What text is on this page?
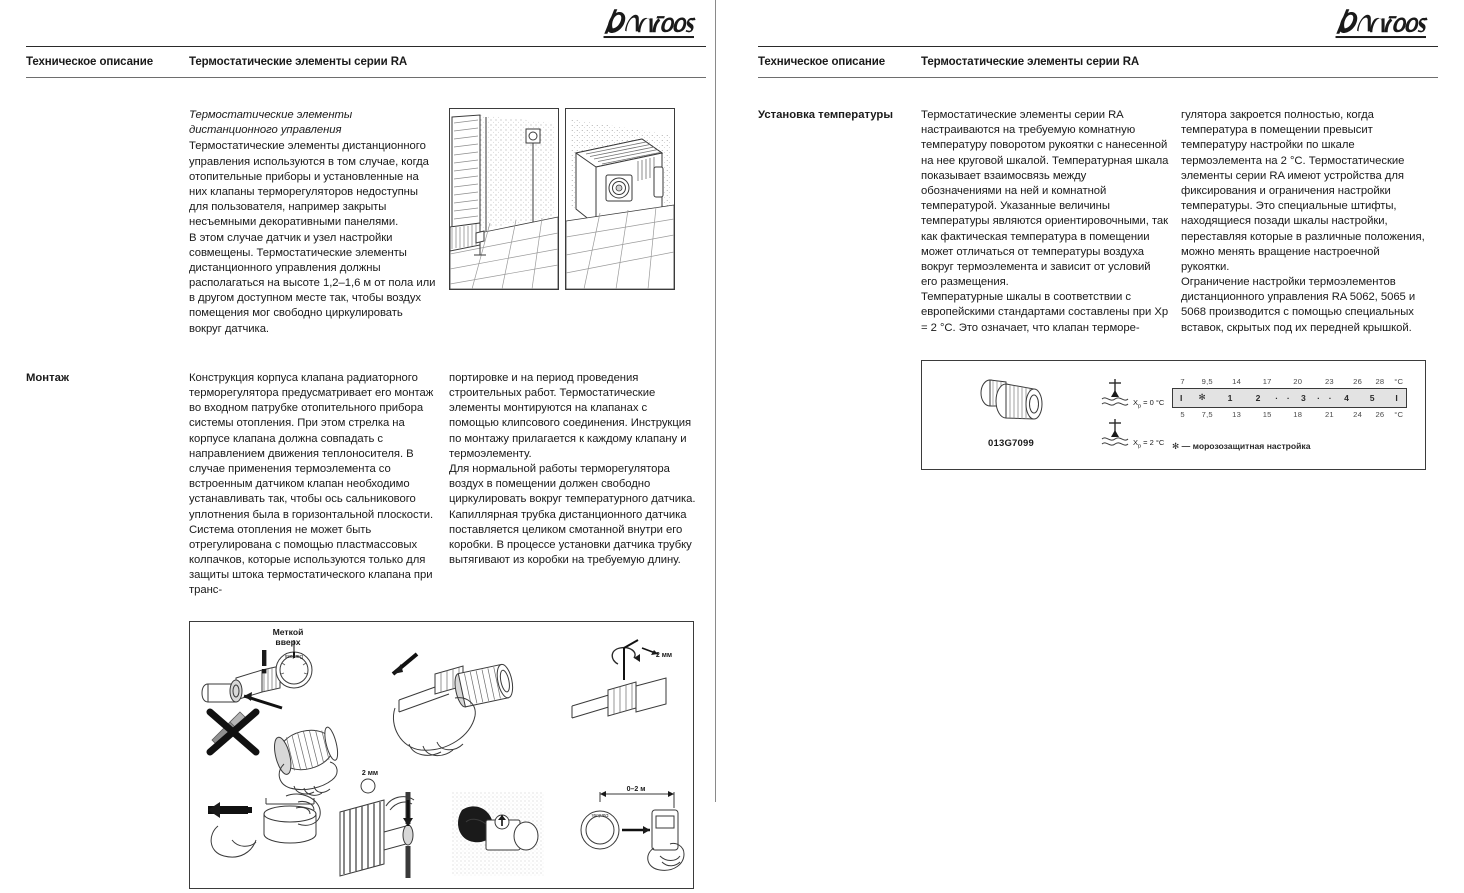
Техническое описание	Термостатические элементы серии RA

Термостатические элементы дистанционного управления

Термостатические элементы дистанционного управления используются в том случае, когда отопительные приборы и установленные на них клапаны терморегуляторов недоступны для пользователя, например закрыты несъемными декоративными панелями.

В этом случае датчик и узел настройки совмещены. Термостатические элементы дистанционного управления должны располагаться на высоте 1,2–1,6 м от пола или в другом доступном месте так, чтобы воздух помещения мог свободно циркулировать вокруг датчика.

Монтаж	Конструкция корпуса клапана радиаторного терморегулятора предусматривает его монтаж во входном патрубке отопительного прибора системы отопления. При этом стрелка на корпусе клапана должна совпадать с направлением движения теплоносителя. В случае применения термоэлемента со встроенным датчиком клапан необходимо устанавливать так, чтобы ось сальникового уплотнения была в горизонтальной плоскости.

Система отопления не может быть отрегулирована с помощью пластмассовых колпачков, которые используются только для защиты штока термостатического клапана при транс-

портировке и на период проведения строительных работ. Термостатические элементы монтируются на клапанах с помощью клипсового соединения. Инструкция по монтажу прилагается к каждому клапану и термоэлементу.

Для нормальной работы терморегулятора воздух в помещении должен свободно циркулировать вокруг температурного датчика.

Капиллярная трубка дистанционного датчика поставляется целиком смотанной внутри его коробки. В процессе установки датчика трубку вытягивают из коробки на требуемую длину.

Danfoss
Danfoss
Меткой
вверх
2 мм
2 мм
0–2 м
Техническое описание	Термостатические элементы серии RA
Установка температуры	Термостатические элементы серии RA настраиваются на требуемую комнатную температуру поворотом рукоятки с нанесенной на нее круговой шкалой. Температурная шкала показывает взаимосвязь между обозначениями на ней и комнатной температурой. Указанные величины температуры являются ориентировочными, так как фактическая температура в помещении может отличаться от температуры воздуха вокруг термоэлемента и зависит от условий его размещения.

Температурные шкалы в соответствии с европейскими стандартами составлены при Xp = 2 °C. Это означает, что клапан терморе-

гулятора закроется полностью, когда температура в помещении превысит температуру настройки по шкале термоэлемента на 2 °C. Термостатические элементы серии RA имеют устройства для фиксирования и ограничения настройки температуры. Это специальные штифты, находящиеся позади шкалы настройки, переставляя которые в различные положения, можно менять вращение настроечной рукоятки.

Ограничение настройки термоэлементов дистанционного управления RA 5062, 5065 и 5068 производится с помощью специальных вставок, скрытых под их передней крышкой.

013G7099
$X_p = 0$ °C
$X_p = 2$ °C
7	9,5	14	17	20	23	26	28	°C
I	✻	1	2	·	·	3	·	·	4	5	I
5	7,5	13	15	18	21	24	26	°C
✻ — морозозащитная настройка
